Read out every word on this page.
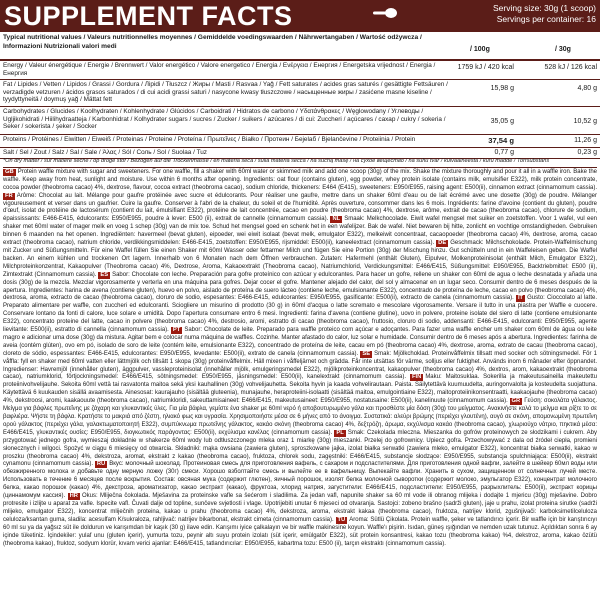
SUPPLEMENT FACTS	Serving size: 30g (1 scoop)
Servings per container: 16
Typical nutritional values / Valeurs nutritionnelles moyennes / Gemiddelde voedingswaarden / Nährwertangaben / Wartość odżywcza / Informazioni Nutrizionali valori medi	/ 100g	/ 30g
Energy / Valeur énergétique / Energie / Brennwert / Valor energético / Valore energetico / Energia / Ενέργεια / Енергия / Energetska vrijednost / Energia / Енергия
1759 kJ / 420 kcal	528 kJ / 126 kcal
Fat / Lipides / Vetten / Lipidos / Grassi / Gordura / Лipidi / Tłuszcz / Жиры / Masti / Rasvaa / Yağ / Fett saturates / acides gras saturés / gesättigte Fettsäuren / verzadigde vetzuren / ácidos grasos saturados / di cui acidi grassi saturi / nasycone kwasy tłuszczowe / насыщенные жиры / zasićene masne kiseline / tyydyttyneitä / doymuş yağ / Mättat fett
15,98 g	4,80 g
Carbohydrates / Glucides / Koolhydraten / Kohlenhydrate / Glúcidos / Carboidrati / Hidratos de carbono / Υδατάνθρακες / Węglowodany / Углеводы / Ugljikohidrati / Hiilihydraatteja / Karbonhidrat / Kolhydrater sugars / sucres / Zucker / suikers / azúcares / di cui: Zuccheri / açúcares / сахар / cukry / sokeria / Seker / sokerista / şeker / Socker
35,05 g	10,52 g
Proteins / Protéines / Eiwitten / Eiweiß / Proteinas / Proteine / Proteína / Πρωτεΐνες / Białko / Протеин / Бejelaб / Bjelančevine / Proteiinia / Protein	37,54 g	11,26 g
Salt / Sel / Zout / Salz / Sal / Sale / Άλας / Sól / Соль / Sol / Suolaa / Tuz	0,77 g	0,23 g
*On dry matter / sur matière sèche / op droge stof / Bezogen auf die Trockenmasse / en materia seca / sulla materia secca / na suchą masę / на сухое вещество / na suhu tvar / kuivaaineesta / kuru madde / Torrsubstans
GB Protein waffle mixture with sugar and sweeteners. For one waffle, fill a shaker with 60ml water or skimmed milk and add one scoop (30g) of the mix. Shake the mixture thoroughly and pour it all in a waffle iron. Bake the waffle. Keep away from heat, sunlight and moisture. Use within 6 months after opening. Ingredients: oat flour (contains gluten), egg powder, whey protein isolate (contains milk, emulsifier E322), milk protein concentrate, cocoa powder (theobroma cacao) 4%, dextrose, flavour, cocoa extract (theobroma cacao), sodium chloride, thickeners: E464 (E415), sweeteners: E950/E955, raising agent: E500(ii), cinnamon extract (cinnamomum cassia). FR Arôme: Chocolat au lait. Mélange pour gaufre protéinée avec sucre et édulcorants. Pour réaliser une gaufre, mettre dans un shaker 60ml d'eau ou de lait écrémé avec une dosette (30g) de poudre. Mélanger vigoureusement et verser dans un gaufrier. Cuire la gaufre. Conserver à l'abri de la chaleur, du soleil et de l'humidité. Après ouverture, consommer dans les 6 mois. Ingrédients: farine d'avoine (contient du gluten), poudre d'œuf, isolat de protéine de lactosérum (contient du lait, émulsifiant E322), protéine de lait concentrée, cacao en poudre (theobroma cacao) 4%, dextrose, arôme, extrait de cacao (theobroma cacao), chlorure de sodium, épaississants: E466-E415, édulcorants: E950/E955, poudre à lever: E500 (ii), extrait de cannelle (cinnamomum cassia). NL Smaak: Melkchocolade. Eiwit wafel mengsel met suiker en zoetstoffen. Voor 1 wafel, vul een shaker met 60ml water of mager melk en voeg 1 schep (30g) van de mix toe. Schud het mengsel goed en schenk het in een wafelijzer. Bak de wafel. Niet bewaren bij hitte, zonlicht en vochtige omstandigheden. Gebruiken binnen 6 maanden na het openen. Ingrediënten: havermeel (bevat gluten), eipoeder, wei eiwit isolaat (bevat melk, emulgator E322), melkeiwit concentraat, cacaopoeder (theobroma cacao) 4%, dextrose, aroma, cacao extract (theobroma cacao), natrium chloride, verdikkingsmiddelen: E466-E415, zoetstoffen: E950/E955, rijsmiddel: E500(ii), kaneelextract (cinnamomum cassia). DE Geschmack: Milchschokolade. Protein-Waffelmischung mit Zucker und Süßungsmitteln. Für eine Waffel füllen Sie einen Shaker mit 60ml Wasser oder fettarmer Milch und fügen Sie eine Portion (30g) der Mischung hinzu. Gut schütteln und in ein Waffeleisen geben. Die Waffel backen. An einem kühlen und trockenen Ort lagern. Innerhalb von 6 Monaten nach dem Öffnen verbrauchen. Zutaten: Hafermehl (enthält Gluten), Eipulver, Molkenproteinisolat (enthält Milch, Emulgator E322), Milchproteinkonzentrat, Kakaopulver (Theobroma cacao) 4%, Dextrose, Aroma, Kakaoextrakt (Theobroma cacao), Natriumchlorid, Verdickungsmittel: E466/E415, Süßungsmittel: E950/E955, Backtriebmittel: E500 (ii), Zimtextrakt (Cinnamomum cassia). ES Sabor: Chocolate con leche. Preparación para gofre proteínico con azúcar y edulcorantes. Para hacer un gofre, rellene un shaker con 60ml de agua o leche desnatada y añada una dosis (30g) de la mezcla. Mezclar vigorosamente y verterla en una máquina para gofres. Dejar cocer el gofre. Mantener alejado del calor, del sol y almacenar en un lugar seco. Consumir dentro de 6 meses después de la apertura. Ingredientes: harina de avena (contiene gluten), huevo en polvo, aislado de proteína de suero lácteo (contiene leche, emulsionante E322), concentrado de proteína de leche, cacao en polvo (theobroma cacao) 4%, dextrosa, aroma, extracto de cacao (theobroma cacao), cloruro de sodio, espesantes: E466-E415, edulcorantes: E950/E955, gasificante: E500(ii), extracto de canela (cinnamomum cassia). IT Gusto: Cioccolato al latte. Preparato alimentare per waffle, con zuccheri ed edulcoranti. Sciogliere un misurino di prodotto (30 g) in 60ml d'acqua o latte scremato e mescolare vigorosamente. Versare il tutto in una piastra per Waffle e cuocere. Conservare lontano da fonti di calore, luce solare e umidità. Dopo l'apertura consumare entro 6 mesi. Ingredienti: farina d'avena (contiene glutine), uovo in polvere, proteine isolate del siero di latte (contiene emulsionante E322), concentrato proteine del latte, cacao in polvere (theobroma cacao) 4%, destrosio, aromi, estratto di cacao (theobroma cacao), fruttosio, cloruro di sodio, addensanti: E466-E415, edulcoranti: E950/E955, agente lievitante: E500(ii), estratto di cannella (cinnamomum cassia). PT Sabor: Chocolate de leite. Preparado para waffle proteico com açúcar e adoçantes. Para fazer uma waffle encher um shaker com 60ml de água ou leite magro e adicionar uma dose (30g) da mistura. Agitar bem e colocar numa máquina de waffles. Cozinhe. Manter afastado do calor, luz solar e humidade. Consumir dentro de 6 meses após a abertura. Ingredientes: farinha de aveia (contém glúten), ovo em pó, isolado de soro de leite (contém leite, emulsionante E322), concentrado de proteína de leite, cacau em pó (theobroma cacao) 4%, dextrose, aroma, extrato de cacau (theobroma cacao), cloreto de sódio, espessantes: E466-E415, edulcorantes: E950/E955, levedante: E500(ii), extrato de canela (cinnamomum cassia). SE Smak: Mjölkchoklad. Proteinvåffelmix tillsatt med socker och sötningsmedel. För 1 våffla: fyll en shaker med 60ml vatten eller lättmjölk och tillsätt 1 skopa (30g) proteinvåffelmix. Häll mixen i våffeljärnet och grädda. Får inte utsättas för värme, solljus eller fuktighet. Används inom 6 månader efter öppnandet. Ingredienser: Havremjöl (innehåller gluten), äggpulver, vassleproteinisolat (innehåller mjölk, emulgeringsmedel E322), mjölkproteinkoncentrat, kakaopulver (theobroma cacao) 4%, dextros, arom, kakaoextrakt (theobroma cacao), natriumklorid, förtjockningsmedel: E466/E415, sötningsmedel: E950/E955, jäsningsmedel: E500(ii), kanelextrakt (cinnamomum cassia). FIN Maku: Maitosuklaa. Sokerilla ja makeutusaineilla makeutettu proteiinivohvelijauhe. Sekoita 60ml vettä tai rasvatonta maitoa sekä yksi kauhallinen (30g) vohvelijauhetta. Sekoita hyvin ja kaada vohvelirautaan. Paista. Säilytettävä kuumuudelta, auringonvalolta ja kosteudelta suojattuna. Käytettävä 6 kuukauden sisällä avaamisesta. Ainesosat: kaurajauho (sisältää gluteenia), munajauhe, heraproteiini-isolaatti (sisältää maitoa, emulgointiaine E322), maitoproteiinikonsentraatti, kaakaojauhe (theobroma cacao) 4%, dekstroosi, aromi, kaakaouute (theobroma cacao), natriumkloridi, sakeuttamisaineet: E466/E415, makeutusaineet: E950/E955, nostatusaine: E500(ii), kanelinuute (cinnamomum cassia). GR Γεύση: σοκολάτα γάλακτος. Μείγμα για βάφλες πρωτεΐνης με ζάχαρη και γλυκαντικές ύλες. Για μία βάφλα, γεμίστε ένα shaker με 60ml νερό ή αποβουτυρωμένο γάλα και προσθέστε μία δόση (30g) του μείγματος. Ανακινήστε καλά το μείγμα και ρίξτε το σε βαφλιέρα. Ψήστε τη βάφλα. Κρατήστε το μακριά από ζέστη, ηλιακό φως και υγρασία. Χρησιμοποιήστε μέσα σε 6 μήνες από το άνοιγμα. Συστατικά: αλεύρι βρώμης (περιέχει γλουτένη), αυγό σε σκόνη, απομονωμένη πρωτεΐνη ορού γάλακτος (περιέχει γάλα, γαλακτωματοποιητή E322), συμπύκνωμα πρωτεΐνης γάλακτος, κακάο σκόνη (theobroma cacao) 4%, δεξτρόζη, άρωμα, εκχύλισμα κακάο (theobroma cacao), χλωριούχο νάτριο, πηκτικά μέσα: E466/E415, γλυκαντικές ουσίες: E950/E955, διογκωτικός παράγοντας: E500(ii), εκχύλισμα κανέλας (cinnamomum cassia). PL Smak: Czekolada mleczna. Mieszanka do gofrów proteinowych ze słodzikami i cukrem. Aby przygotować jednego gofra, wymieszaj dokładnie w shakerze 60ml wody lub odtłuszczonego mleka oraz 1 miarkę (30g) mieszanki. Przelej do gofrownicy. Upiecz gofra. Przechowywać z dala od źródeł ciepła, promieni słonecznych i wilgoci. Spożyć w ciągu 6 miesięcy od otwarcia. Składniki: mąka owsiana (zawiera gluten), sproszkowane jajka, izolat białka serwatki (zawiera mleko, emulgator E322), koncentrat białka serwatki, kakao w proszku (theobroma cacao) 4%, dekstroza, aromat, ekstrakt z kakao (theobroma cacao), fruktoza, chlorek sodu, zagęstniki: E466/E415, substancje słodzące: E950/E955, substancja spulchniająca: E500(ii), ekstrakt cynamonu (cinnamomum cassia). RU Вкус: молочный шоколад. Протеиновая смесь для приготовления вафель, с сахаром и подсластителями. Для приготовления одной вафли, залейте в шейкер 60мл воды или обезжиренного молока и добавьте одну мерную ложку (30г) смеси. Хорошо взболтайте смесь и вылейте ее в вафельницу. Выпекайте вафли. Хранить в сухом, защищенном от солнечных лучей месте. Использовать в течение 6 месяцев после вскрытия. Состав: овсяная мука (содержит глютен), яичный порошок, изолят белка молочной сыворотки (содержит молоко, эмульгатор E322), концентрат молочного белка, какао порошок (какао) 4%, декстроза, ароматизатор, какао экстракт (какао), фруктоза, хлорид натрия, загустители: E466/E415, подсластители: E950/E955, разрыхлитель: E500(ii), экстракт корицы (циннамомум кассия). HR Okus: Mliječna čokolada. Mješavina za proteinske vafle sa šećerom i sladilima. Za jedan vafl, napunite shaker sa 60 ml vode ili obranog mlijeka i dodajte 1 mjericu (30g) mješavine. Dobro protresite i izlijte u aparat za vafle. Ispecite vafl. Čuvati dalje od topline, sunčeve svjetlosti i vlage. Upotrijebiti unutar 6 mjeseci od otvaranja. Sastojci: zobeno brašno (sadrži gluten), jaje u prahu, izolat proteina sirutke (sadrži mlijeko, emulgator E322), koncentrat mliječnih proteina, kakao u prahu (theobroma cacao) 4%, dekstroza, aroma, ekstrakt kakaa (theobroma cacao), fruktoza, natrijev klorid, zgušnjivači: karboksimetilceluloza celuloza/ksantan guma, sladila: acesulfam K/sukraloza, rahljivač: natrijev bikarbonat, ekstrakt cimeta (cinnamomum cassia). TU Aroma: Sütlü Çikolata. Protein waffle, şeker ve tatlandırıcı içerir. Bir waffle için bir karıştırıcıyı 60 ml su ya da yağsız süt ile doldurun ve karışımdan bir kaşık (30 g) ilave edin. Karışımı iyice çalkalayın ve bir waffle makinesine koyun. Waffle'ı pişirin. Isıdan, güneş ışığından ve nemden uzak tutunuz. Açıldıktan sonra 6 ay içinde tüketiniz. İçindekiler: yulaf unu (gluten içerir), yumurta tozu, peynir altı suyu protein izolatı (süt içerir, emülgatör E322), süt protein konsantresi, kakao tozu (theobroma kakao) %4, dekstroz, aroma, kakao özütü (theobroma kakao), fruktoz, sodyum klorür, kıvam verici ajanlar: E466/E415, tatlandırıcılar: E950/E955, kabartma tozu: E500 (ii), tarçın ekstraktı (cinnamomum cassia).
